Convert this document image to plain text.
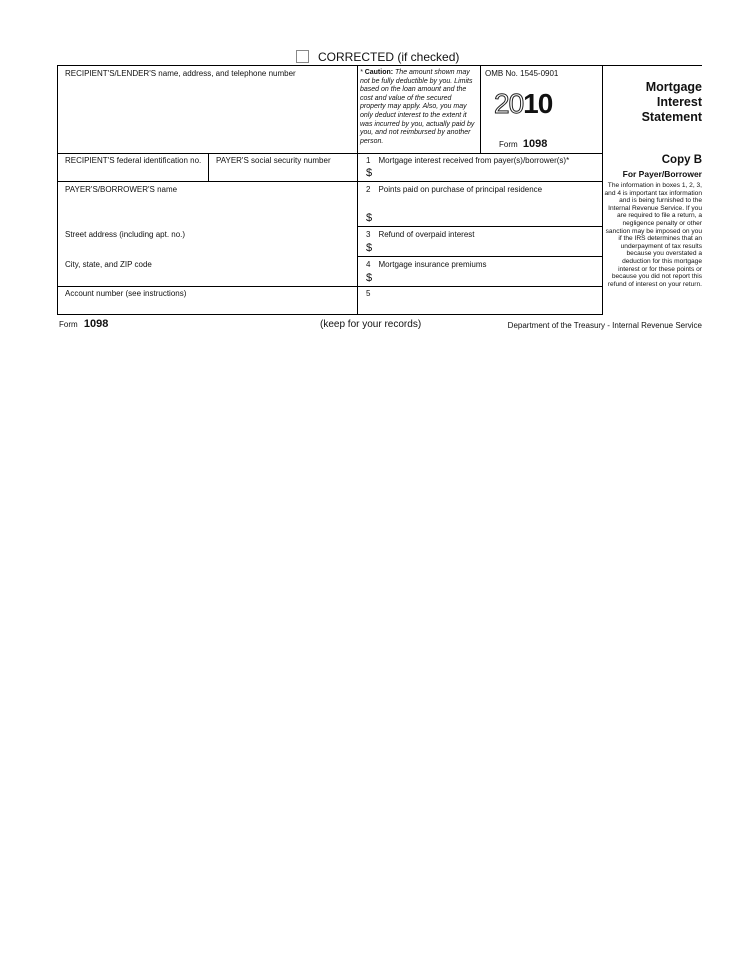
CORRECTED (if checked)
RECIPIENT'S/LENDER'S name, address, and telephone number	* Caution: The amount shown may not be fully deductible by you. Limits based on the loan amount and the cost and value of the secured property may apply. Also, you may only deduct interest to the extent it was incurred by you, actually paid by you, and not reimbursed by another person.
OMB No. 1545-0901
2010
Form 1098
Mortgage
Interest
Statement
RECIPIENT'S federal identification no. PAYER'S social security number	1 Mortgage interest received from payer(s)/borrower(s)*
$
PAYER'S/BORROWER'S name	2 Points paid on purchase of principal residence
$
Street address (including apt. no.)	3 Refund of overpaid interest
$
City, state, and ZIP code	4 Mortgage insurance premiums
$
Account number (see instructions)	5
Copy B
For Payer/Borrower
The information in boxes 1, 2, 3, and 4 is important tax information and is being furnished to the Internal Revenue Service. If you are required to file a return, a negligence penalty or other sanction may be imposed on you if the IRS determines that an underpayment of tax results because you overstated a deduction for this mortgage interest or for these points or because you did not report this refund of interest on your return.
Form 1098	(keep for your records)	Department of the Treasury - Internal Revenue Service
